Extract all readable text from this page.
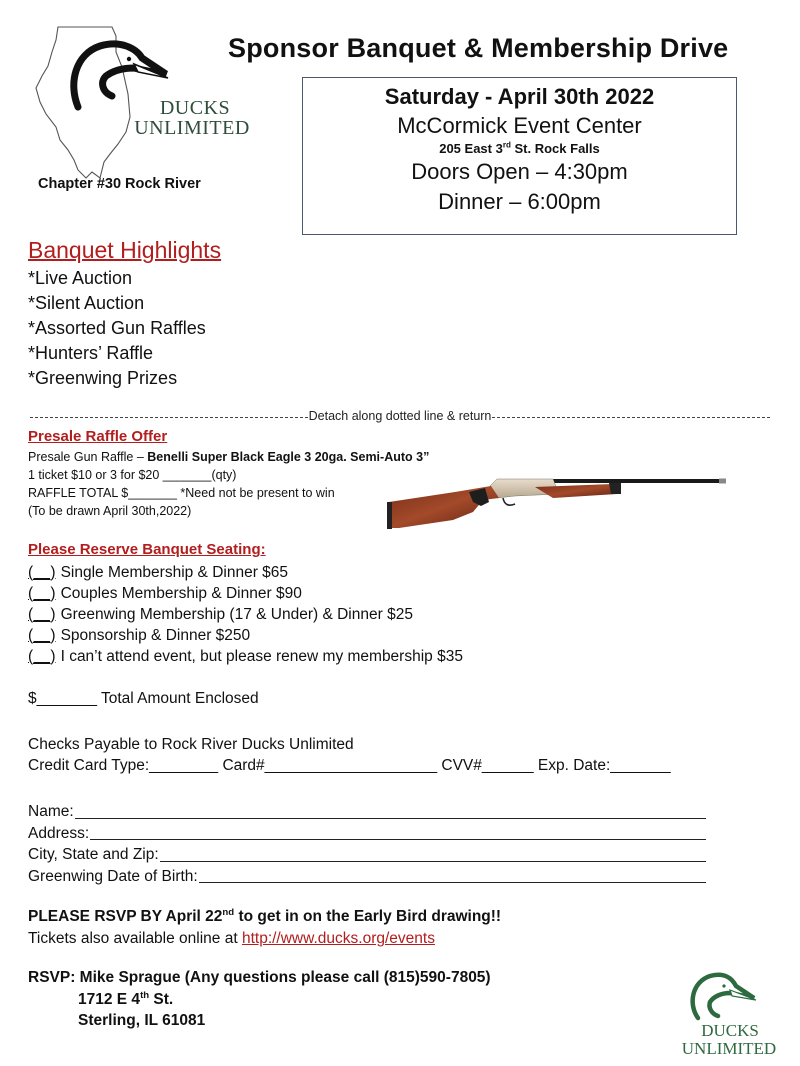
DUCKS
UNLIMITED
Chapter #30 Rock River
Sponsor Banquet & Membership Drive
Saturday - April 30th 2022
McCormick Event Center
205 East 3rd St. Rock Falls
Doors Open – 4:30pm
Dinner – 6:00pm
Banquet Highlights
*Live Auction
*Silent Auction
*Assorted Gun Raffles
*Hunters’ Raffle
*Greenwing Prizes
Detach along dotted line & return
Presale Raffle Offer
Presale Gun Raffle – Benelli Super Black Eagle 3 20ga. Semi-Auto 3”
1 ticket $10 or 3 for $20 _______(qty)
RAFFLE TOTAL $_______ *Need not be present to win
(To be drawn April 30th,2022)
Please Reserve Banquet Seating:
(__) Single Membership & Dinner $65
(__) Couples Membership & Dinner $90
(__) Greenwing Membership (17 & Under) & Dinner $25
(__) Sponsorship & Dinner $250
(__) I can’t attend event, but please renew my membership $35
$_______ Total Amount Enclosed
Checks Payable to Rock River Ducks Unlimited
Credit Card Type:________ Card#____________________ CVV#______ Exp. Date:_______
Name:
Address:
City, State and Zip:
Greenwing Date of Birth:
PLEASE RSVP BY April 22nd to get in on the Early Bird drawing!!
Tickets also available online at http://www.ducks.org/events
RSVP: Mike Sprague (Any questions please call (815)590-7805)
1712 E 4th St.
Sterling, IL 61081
DUCKS
UNLIMITED
